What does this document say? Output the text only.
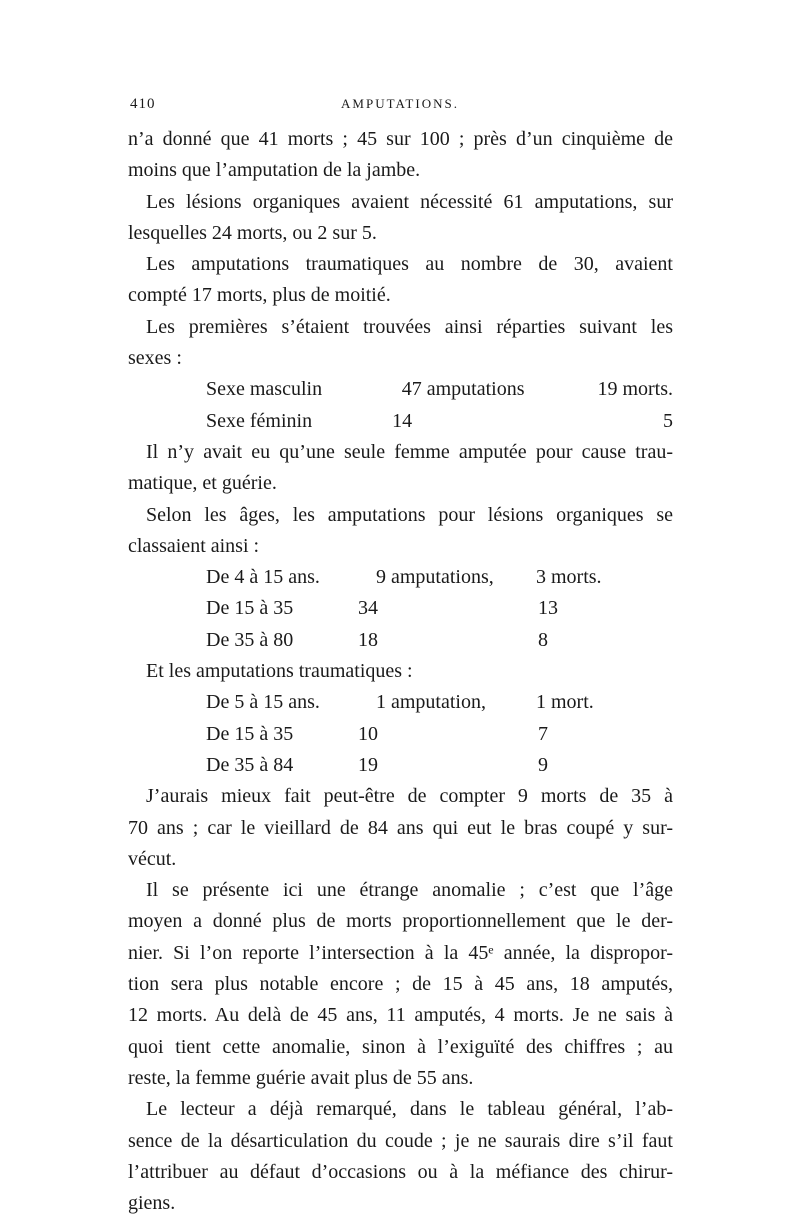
410	AMPUTATIONS.
n’a donné que 41 morts ; 45 sur 100 ; près d’un cinquième de
moins que l’amputation de la jambe.
Les lésions organiques avaient nécessité 61 amputations, sur
lesquelles 24 morts, ou 2 sur 5.
Les amputations traumatiques au nombre de 30, avaient
compté 17 morts, plus de moitié.
Les premières s’étaient trouvées ainsi réparties suivant les
sexes :
Sexe masculin	47 amputations	19 morts.
Sexe féminin	14	5
Il n’y avait eu qu’une seule femme amputée pour cause trau-
matique, et guérie.
Selon les âges, les amputations pour lésions organiques se
classaient ainsi :
De 4 à 15 ans.	9 amputations,	3 morts.
De 15 à 35	34	13
De 35 à 80	18	8
Et les amputations traumatiques :
De 5 à 15 ans.	1 amputation,	1 mort.
De 15 à 35	10	7
De 35 à 84	19	9
J’aurais mieux fait peut-être de compter 9 morts de 35 à
70 ans ; car le vieillard de 84 ans qui eut le bras coupé y sur-
vécut.
Il se présente ici une étrange anomalie ; c’est que l’âge
moyen a donné plus de morts proportionnellement que le der-
nier. Si l’on reporte l’intersection à la 45ᵉ année, la dispropor-
tion sera plus notable encore ; de 15 à 45 ans, 18 amputés,
12 morts. Au delà de 45 ans, 11 amputés, 4 morts. Je ne sais à
quoi tient cette anomalie, sinon à l’exiguïté des chiffres ; au
reste, la femme guérie avait plus de 55 ans.
Le lecteur a déjà remarqué, dans le tableau général, l’ab-
sence de la désarticulation du coude ; je ne saurais dire s’il faut
l’attribuer au défaut d’occasions ou à la méfiance des chirur-
giens.
